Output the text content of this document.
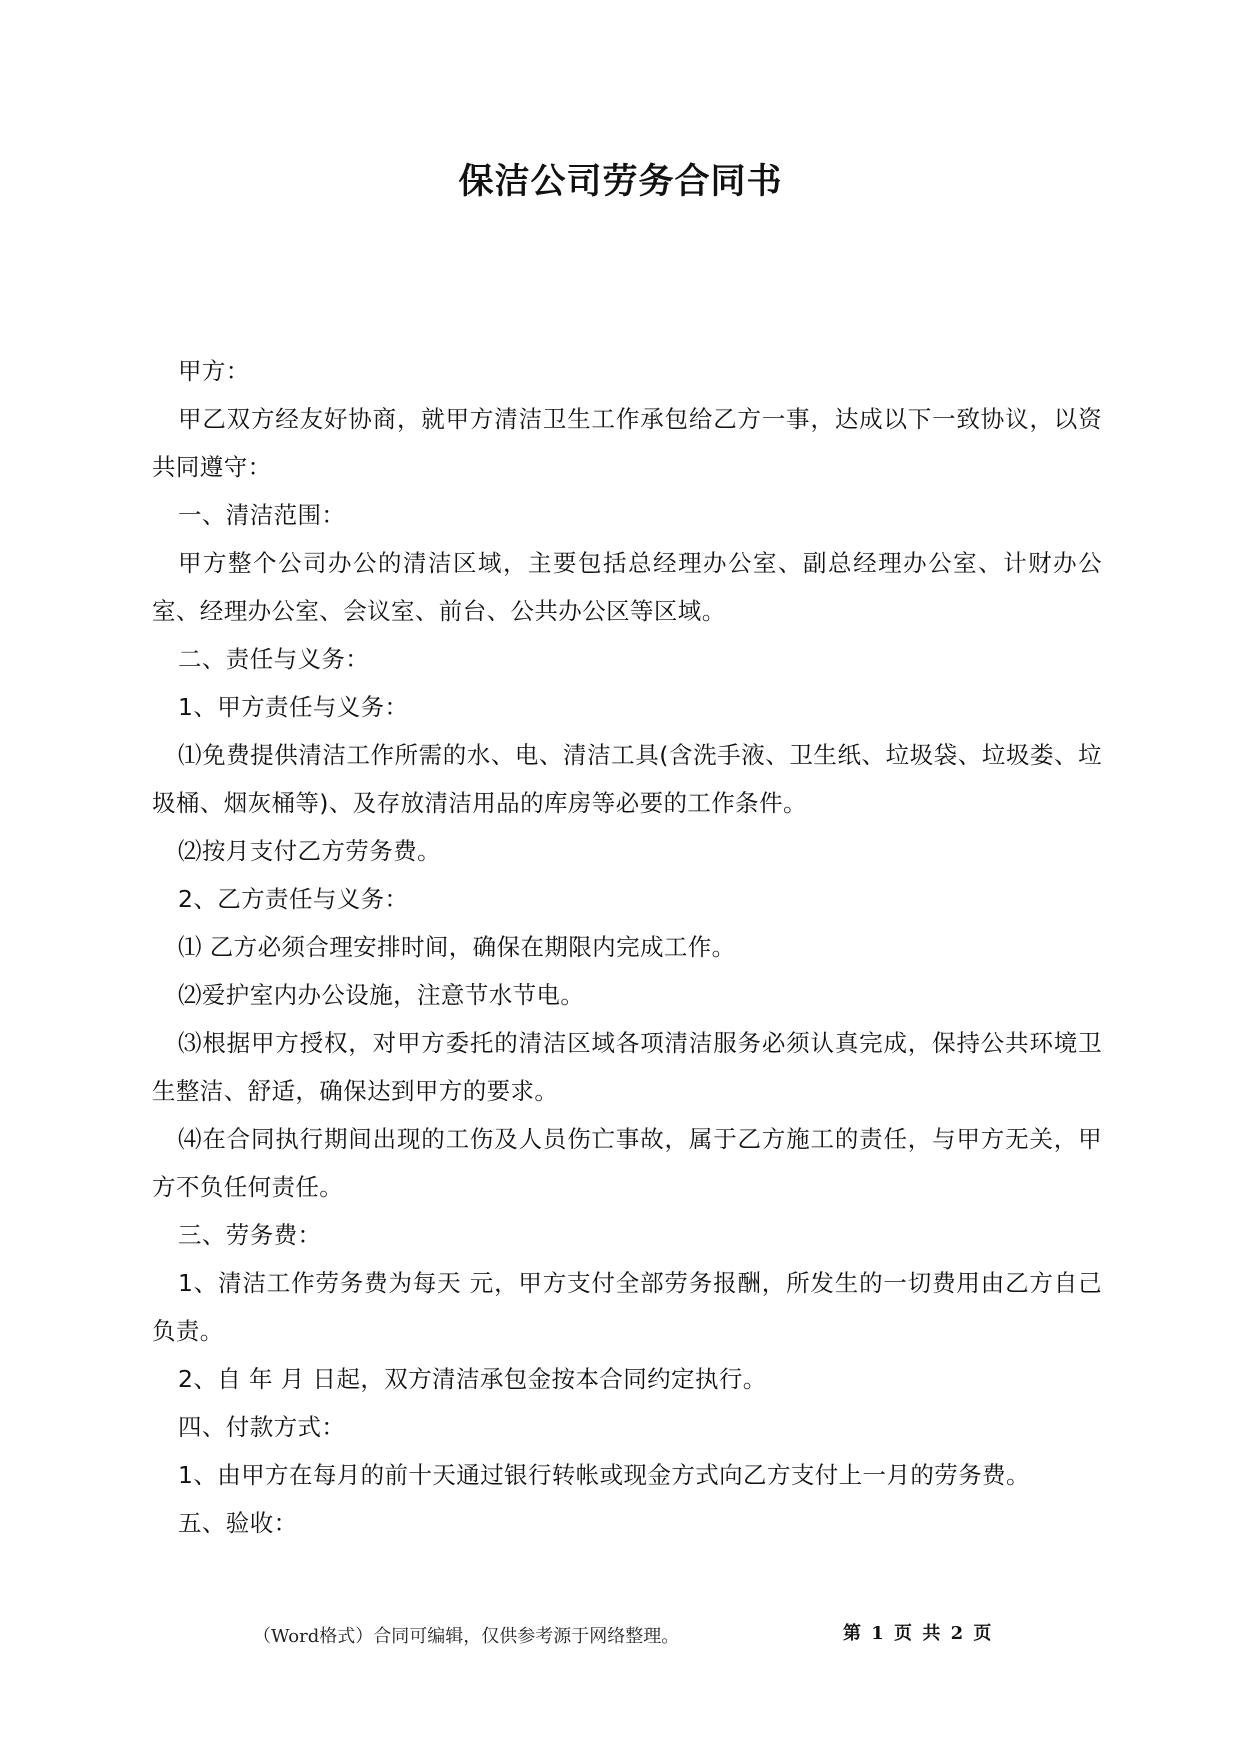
保洁公司劳务合同书

甲方：

甲乙双方经友好协商，就甲方清洁卫生工作承包给乙方一事，达成以下一致协议，以资共同遵守：

一、清洁范围：

甲方整个公司办公的清洁区域，主要包括总经理办公室、副总经理办公室、计财办公室、经理办公室、会议室、前台、公共办公区等区域。

二、责任与义务：

1、甲方责任与义务：

⑴免费提供清洁工作所需的水、电、清洁工具(含洗手液、卫生纸、垃圾袋、垃圾娄、垃圾桶、烟灰桶等)、及存放清洁用品的库房等必要的工作条件。

⑵按月支付乙方劳务费。

2、乙方责任与义务：

⑴ 乙方必须合理安排时间，确保在期限内完成工作。

⑵爱护室内办公设施，注意节水节电。

⑶根据甲方授权，对甲方委托的清洁区域各项清洁服务必须认真完成，保持公共环境卫生整洁、舒适，确保达到甲方的要求。

⑷在合同执行期间出现的工伤及人员伤亡事故，属于乙方施工的责任，与甲方无关，甲方不负任何责任。

三、劳务费：

1、清洁工作劳务费为每天 元，甲方支付全部劳务报酬，所发生的一切费用由乙方自己负责。

2、自 年 月 日起，双方清洁承包金按本合同约定执行。

四、付款方式：

1、由甲方在每月的前十天通过银行转帐或现金方式向乙方支付上一月的劳务费。

五、验收：

（Word格式）合同可编辑，仅供参考源于网络整理。	第 1 页 共 2 页
